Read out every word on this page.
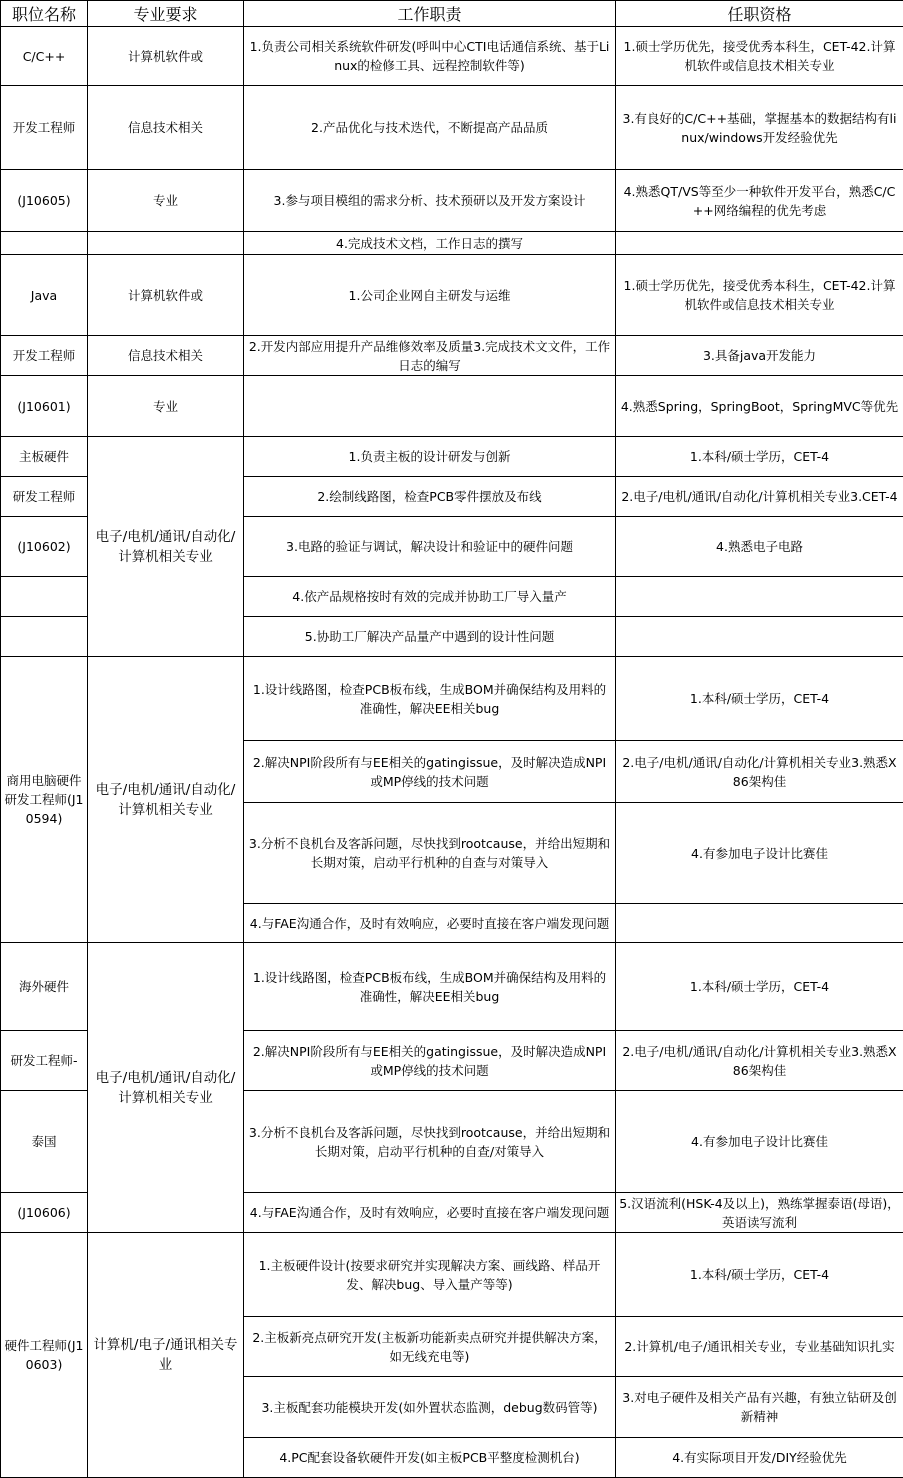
职位名称	专业要求	工作职责	任职资格
C/C++	计算机软件或	1.负责公司相关系统软件研发(呼叫中心CTI电话通信系统、基于Linux的检修工具、远程控制软件等)	1.硕士学历优先，接受优秀本科生，CET-42.计算机软件或信息技术相关专业
开发工程师	信息技术相关	2.产品优化与技术迭代，不断提高产品品质	3.有良好的C/C++基础，掌握基本的数据结构有linux/windows开发经验优先
(J10605)	专业	3.参与项目模组的需求分析、技术预研以及开发方案设计	4.熟悉QT/VS等至少一种软件开发平台，熟悉C/C++网络编程的优先考虑
		4.完成技术文档，工作日志的撰写	
Java	计算机软件或	1.公司企业网自主研发与运维	1.硕士学历优先，接受优秀本科生，CET-42.计算机软件或信息技术相关专业
开发工程师	信息技术相关	2.开发内部应用提升产品维修效率及质量3.完成技术文文件，工作日志的编写	3.具备java开发能力
(J10601)	专业		4.熟悉Spring，SpringBoot，SpringMVC等优先
主板硬件	电子/电机/通讯/自动化/计算机相关专业	1.负责主板的设计研发与创新	1.本科/硕士学历，CET-4
研发工程师		2.绘制线路图，检查PCB零件摆放及布线	2.电子/电机/通讯/自动化/计算机相关专业3.CET-4
(J10602)		3.电路的验证与调试，解决设计和验证中的硬件问题	4.熟悉电子电路
		4.依产品规格按时有效的完成并协助工厂导入量产	
		5.协助工厂解决产品量产中遇到的设计性问题	
商用电脑硬件研发工程师(J10594)	电子/电机/通讯/自动化/计算机相关专业	1.设计线路图，检查PCB板布线，生成BOM并确保结构及用料的准确性，解决EE相关bug	1.本科/硕士学历，CET-4
		2.解决NPI阶段所有与EE相关的gatingissue，及时解决造成NPI或MP停线的技术问题	2.电子/电机/通讯/自动化/计算机相关专业3.熟悉X86架构佳
		3.分析不良机台及客訴问题，尽快找到rootcause，并给出短期和长期对策，启动平行机种的自查与对策导入	4.有参加电子设计比赛佳
		4.与FAE沟通合作，及时有效响应，必要时直接在客户端发现问题	
海外硬件	电子/电机/通讯/自动化/计算机相关专业	1.设计线路图，检查PCB板布线，生成BOM并确保结构及用料的准确性，解决EE相关bug	1.本科/硕士学历，CET-4
研发工程师-		2.解决NPI阶段所有与EE相关的gatingissue，及时解决造成NPI或MP停线的技术问题	2.电子/电机/通讯/自动化/计算机相关专业3.熟悉X86架构佳
泰国		3.分析不良机台及客訴问题，尽快找到rootcause，并给出短期和长期对策，启动平行机种的自查/对策导入	4.有参加电子设计比赛佳
(J10606)		4.与FAE沟通合作，及时有效响应，必要时直接在客户端发现问题	5.汉语流利(HSK-4及以上)，熟练掌握泰语(母语)，英语读写流利
硬件工程师(J10603)	计算机/电子/通讯相关专业	1.主板硬件设计(按要求研究并实现解决方案、画线路、样品开发、解决bug、导入量产等等)	1.本科/硕士学历，CET-4
		2.主板新亮点研究开发(主板新功能新卖点研究并提供解决方案，如无线充电等)	2.计算机/电子/通讯相关专业，专业基础知识扎实
		3.主板配套功能模块开发(如外置状态监测，debug数码管等)	3.对电子硬件及相关产品有兴趣，有独立钻研及创新精神
		4.PC配套设备软硬件开发(如主板PCB平整度检测机台)	4.有实际项目开发/DIY经验优先
